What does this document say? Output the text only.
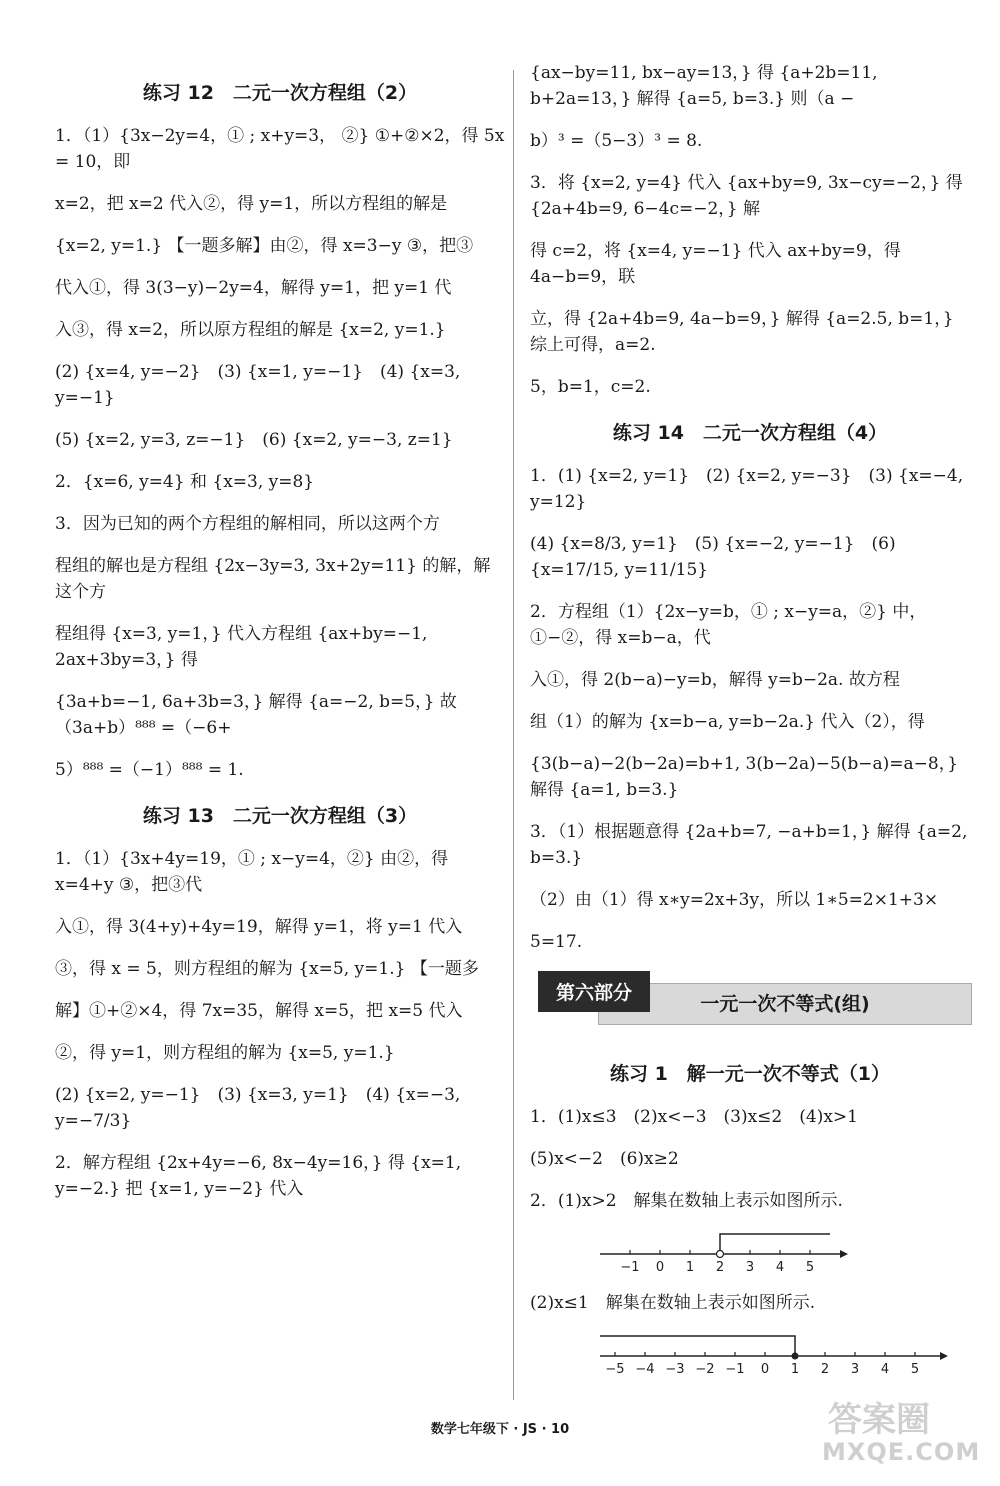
练习 12　二元一次方程组（2）

1．（1）{3x−2y=4，① ; x+y=3， ②} ①+②×2，得 5x = 10，即

x=2，把 x=2 代入②，得 y=1，所以方程组的解是

{x=2, y=1.} 【一题多解】由②，得 x=3−y ③，把③

代入①，得 3(3−y)−2y=4，解得 y=1，把 y=1 代

入③，得 x=2，所以原方程组的解是 {x=2, y=1.}

(2) {x=4, y=−2}　(3) {x=1, y=−1}　(4) {x=3, y=−1}

(5) {x=2, y=3, z=−1}　(6) {x=2, y=−3, z=1}

2．{x=6, y=4} 和 {x=3, y=8}

3．因为已知的两个方程组的解相同，所以这两个方

程组的解也是方程组 {2x−3y=3, 3x+2y=11} 的解，解这个方

程组得 {x=3, y=1，} 代入方程组 {ax+by=−1, 2ax+3by=3，} 得

{3a+b=−1, 6a+3b=3，} 解得 {a=−2, b=5，} 故（3a+b）⁸⁸⁸ =（−6+

5）⁸⁸⁸ =（−1）⁸⁸⁸ = 1.

练习 13　二元一次方程组（3）

1．（1）{3x+4y=19，① ; x−y=4，②} 由②，得 x=4+y ③，把③代

入①，得 3(4+y)+4y=19，解得 y=1，将 y=1 代入

③，得 x = 5，则方程组的解为 {x=5, y=1.} 【一题多

解】①+②×4，得 7x=35，解得 x=5，把 x=5 代入

②，得 y=1，则方程组的解为 {x=5, y=1.}

(2) {x=2, y=−1}　(3) {x=3, y=1}　(4) {x=−3, y=−7/3}

2．解方程组 {2x+4y=−6, 8x−4y=16，} 得 {x=1, y=−2.} 把 {x=1, y=−2} 代入

{ax−by=11, bx−ay=13，} 得 {a+2b=11, b+2a=13，} 解得 {a=5, b=3.} 则（a −

b）³ =（5−3）³ = 8.

3．将 {x=2, y=4} 代入 {ax+by=9, 3x−cy=−2，} 得 {2a+4b=9, 6−4c=−2，} 解

得 c=2，将 {x=4, y=−1} 代入 ax+by=9，得 4a−b=9，联

立，得 {2a+4b=9, 4a−b=9，} 解得 {a=2.5, b=1，} 综上可得，a=2.

5，b=1，c=2.

练习 14　二元一次方程组（4）

1．(1) {x=2, y=1}　(2) {x=2, y=−3}　(3) {x=−4, y=12}

(4) {x=8/3, y=1}　(5) {x=−2, y=−1}　(6) {x=17/15, y=11/15}

2．方程组（1）{2x−y=b，① ; x−y=a，②} 中，①−②，得 x=b−a，代

入①，得 2(b−a)−y=b，解得 y=b−2a. 故方程

组（1）的解为 {x=b−a, y=b−2a.} 代入（2），得

{3(b−a)−2(b−2a)=b+1, 3(b−2a)−5(b−a)=a−8，} 解得 {a=1, b=3.}

3．（1）根据题意得 {2a+b=7, −a+b=1，} 解得 {a=2, b=3.}

（2）由（1）得 x∗y=2x+3y，所以 1∗5=2×1+3×

5=17.

第六部分	一元一次不等式(组)
练习 1　解一元一次不等式（1）

1．(1)x≤3　(2)x<−3　(3)x≤2　(4)x>1

(5)x<−2　(6)x≥2

2．(1)x>2　解集在数轴上表示如图所示.

−1 0 1 2 3 4 5

(2)x≤1　解集在数轴上表示如图所示.

−5 −4 −3 −2 −1 0 1 2 3 4 5
数学七年级下 · JS · 10	答案圈
MXQE.COM
